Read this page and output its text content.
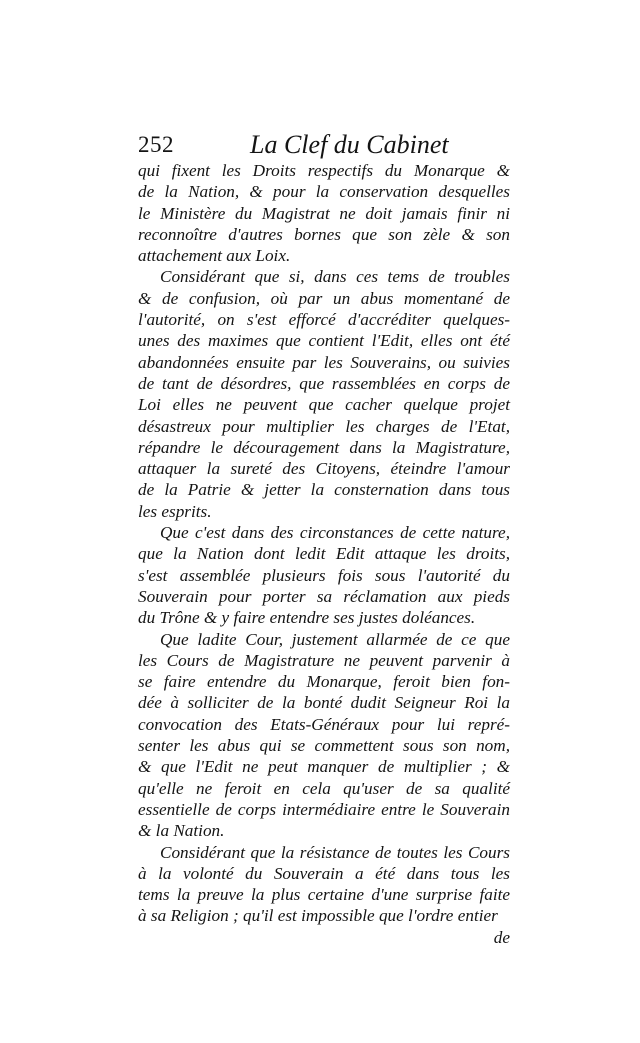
252	La Clef du Cabinet
qui fixent les Droits respectifs du Monarque &
de la Nation, & pour la conservation desquelles
le Ministère du Magistrat ne doit jamais finir ni
reconnoître d'autres bornes que son zèle & son
attachement aux Loix.
Considérant que si, dans ces tems de troubles
& de confusion, où par un abus momentané de
l'autorité, on s'est efforcé d'accréditer quelques-
unes des maximes que contient l'Edit, elles ont été
abandonnées ensuite par les Souverains, ou suivies
de tant de désordres, que rassemblées en corps de
Loi elles ne peuvent que cacher quelque projet
désastreux pour multiplier les charges de l'Etat,
répandre le découragement dans la Magistrature,
attaquer la sureté des Citoyens, éteindre l'amour
de la Patrie & jetter la consternation dans tous
les esprits.
Que c'est dans des circonstances de cette nature,
que la Nation dont ledit Edit attaque les droits,
s'est assemblée plusieurs fois sous l'autorité du
Souverain pour porter sa réclamation aux pieds
du Trône & y faire entendre ses justes doléances.
Que ladite Cour, justement allarmée de ce que
les Cours de Magistrature ne peuvent parvenir à
se faire entendre du Monarque, feroit bien fon-
dée à solliciter de la bonté dudit Seigneur Roi la
convocation des Etats-Généraux pour lui repré-
senter les abus qui se commettent sous son nom,
& que l'Edit ne peut manquer de multiplier ; &
qu'elle ne feroit en cela qu'user de sa qualité
essentielle de corps intermédiaire entre le Souverain
& la Nation.
Considérant que la résistance de toutes les Cours
à la volonté du Souverain a été dans tous les
tems la preuve la plus certaine d'une surprise faite
à sa Religion ; qu'il est impossible que l'ordre entier
de
